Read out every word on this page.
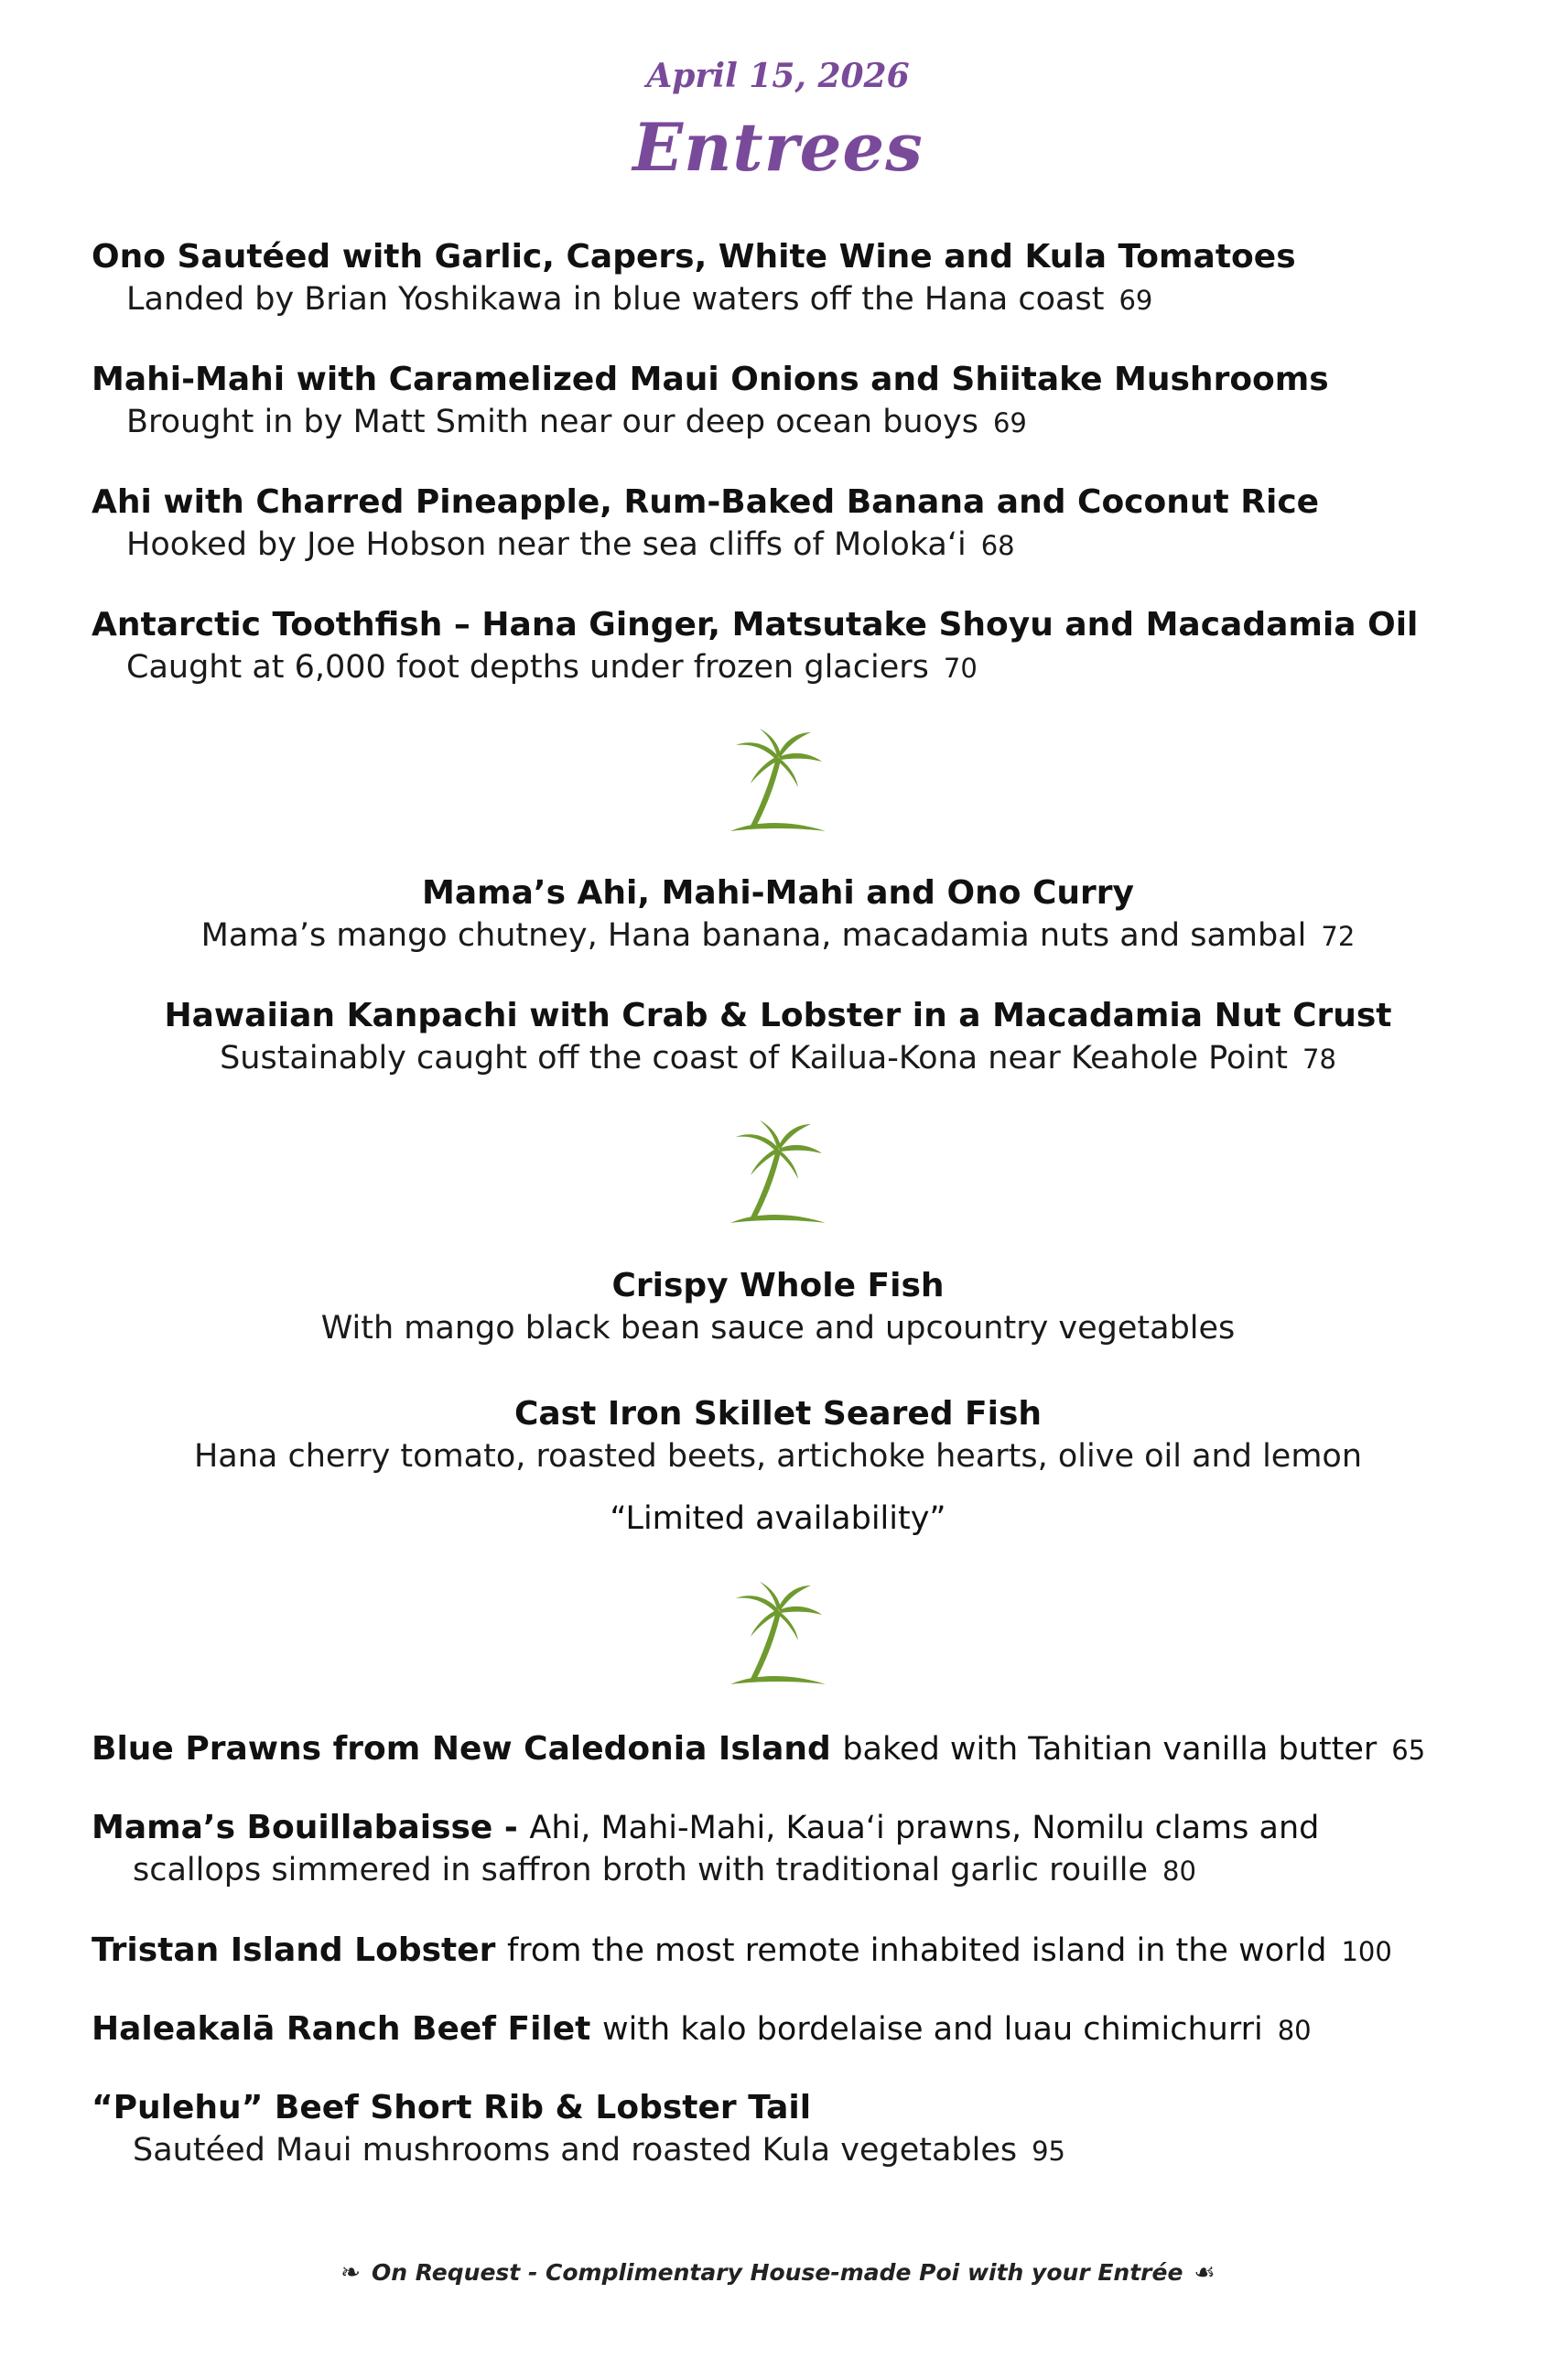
April 15, 2026
Entrees
Ono Sautéed with Garlic, Capers, White Wine and Kula Tomatoes
Landed by Brian Yoshikawa in blue waters off the Hana coast 69
Mahi-Mahi with Caramelized Maui Onions and Shiitake Mushrooms
Brought in by Matt Smith near our deep ocean buoys 69
Ahi with Charred Pineapple, Rum-Baked Banana and Coconut Rice
Hooked by Joe Hobson near the sea cliffs of Moloka‘i 68
Antarctic Toothfish – Hana Ginger, Matsutake Shoyu and Macadamia Oil
Caught at 6,000 foot depths under frozen glaciers 70
Mama’s Ahi, Mahi-Mahi and Ono Curry
Mama’s mango chutney, Hana banana, macadamia nuts and sambal 72
Hawaiian Kanpachi with Crab & Lobster in a Macadamia Nut Crust
Sustainably caught off the coast of Kailua-Kona near Keahole Point 78
Crispy Whole Fish
With mango black bean sauce and upcountry vegetables
Cast Iron Skillet Seared Fish
Hana cherry tomato, roasted beets, artichoke hearts, olive oil and lemon
“Limited availability”
Blue Prawns from New Caledonia Island baked with Tahitian vanilla butter 65
Mama’s Bouillabaisse - Ahi, Mahi-Mahi, Kaua‘i prawns, Nomilu clams and
scallops simmered in saffron broth with traditional garlic rouille 80
Tristan Island Lobster from the most remote inhabited island in the world 100
Haleakalā Ranch Beef Filet with kalo bordelaise and luau chimichurri 80
“Pulehu” Beef Short Rib & Lobster Tail
Sautéed Maui mushrooms and roasted Kula vegetables 95
❧ On Request - Complimentary House-made Poi with your Entrée ☙
